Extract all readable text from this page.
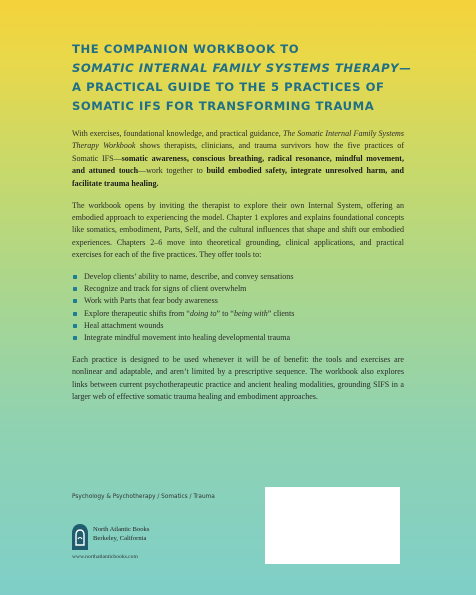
THE COMPANION WORKBOOK TO
SOMATIC INTERNAL FAMILY SYSTEMS THERAPY—
A PRACTICAL GUIDE TO THE 5 PRACTICES OF
SOMATIC IFS FOR TRANSFORMING TRAUMA

With exercises, foundational knowledge, and practical guidance, The Somatic Internal Family Systems Therapy Workbook shows therapists, clinicians, and trauma survivors how the five practices of Somatic IFS—somatic awareness, conscious breathing, radical resonance, mindful movement, and attuned touch—work together to build embodied safety, integrate unresolved harm, and facilitate trauma healing.

The workbook opens by inviting the therapist to explore their own Internal System, offering an embodied approach to experiencing the model. Chapter 1 explores and explains foundational concepts like somatics, embodiment, Parts, Self, and the cultural influences that shape and shift our embodied experiences. Chapters 2–6 move into theoretical grounding, clinical applications, and practical exercises for each of the five practices. They offer tools to:

Develop clients’ ability to name, describe, and convey sensations
Recognize and track for signs of client overwhelm
Work with Parts that fear body awareness
Explore therapeutic shifts from “doing to” to “being with” clients
Heal attachment wounds
Integrate mindful movement into healing developmental trauma

Each practice is designed to be used whenever it will be of benefit: the tools and exercises are nonlinear and adaptable, and aren’t limited by a prescriptive sequence. The workbook also explores links between current psychotherapeutic practice and ancient healing modalities, grounding SIFS in a larger web of effective somatic trauma healing and embodiment approaches.

Psychology & Psychotherapy / Somatics / Trauma
North Atlantic Books
Berkeley, California
www.northatlanticbooks.com
